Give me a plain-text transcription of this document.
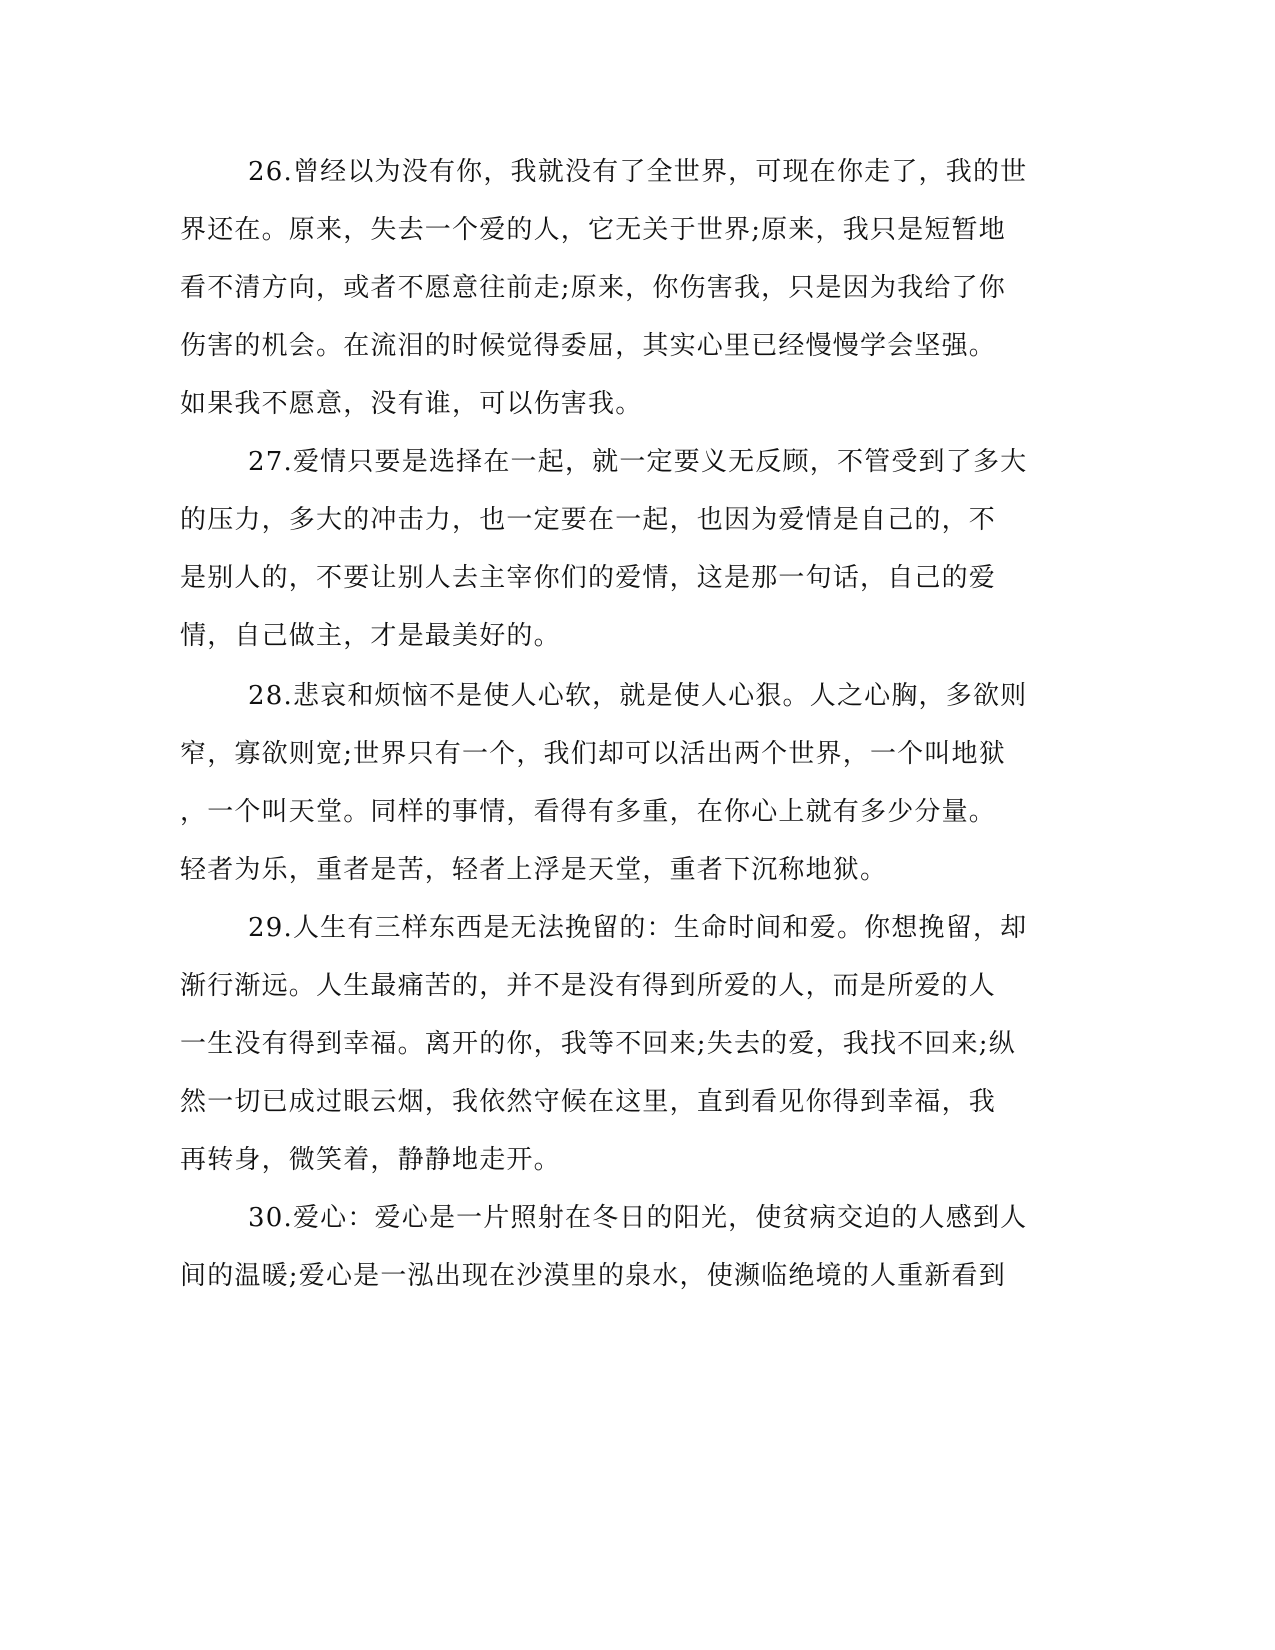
26.曾经以为没有你，我就没有了全世界，可现在你走了，我的世
界还在。原来，失去一个爱的人，它无关于世界;原来，我只是短暂地
看不清方向，或者不愿意往前走;原来，你伤害我，只是因为我给了你
伤害的机会。在流泪的时候觉得委屈，其实心里已经慢慢学会坚强。
如果我不愿意，没有谁，可以伤害我。
27.爱情只要是选择在一起，就一定要义无反顾，不管受到了多大
的压力，多大的冲击力，也一定要在一起，也因为爱情是自己的，不
是别人的，不要让别人去主宰你们的爱情，这是那一句话，自己的爱
情，自己做主，才是最美好的。
28.悲哀和烦恼不是使人心软，就是使人心狠。人之心胸，多欲则
窄，寡欲则宽;世界只有一个，我们却可以活出两个世界，一个叫地狱
，一个叫天堂。同样的事情，看得有多重，在你心上就有多少分量。
轻者为乐，重者是苦，轻者上浮是天堂，重者下沉称地狱。
29.人生有三样东西是无法挽留的：生命时间和爱。你想挽留，却
渐行渐远。人生最痛苦的，并不是没有得到所爱的人，而是所爱的人
一生没有得到幸福。离开的你，我等不回来;失去的爱，我找不回来;纵
然一切已成过眼云烟，我依然守候在这里，直到看见你得到幸福，我
再转身，微笑着，静静地走开。
30.爱心：爱心是一片照射在冬日的阳光，使贫病交迫的人感到人
间的温暖;爱心是一泓出现在沙漠里的泉水，使濒临绝境的人重新看到
